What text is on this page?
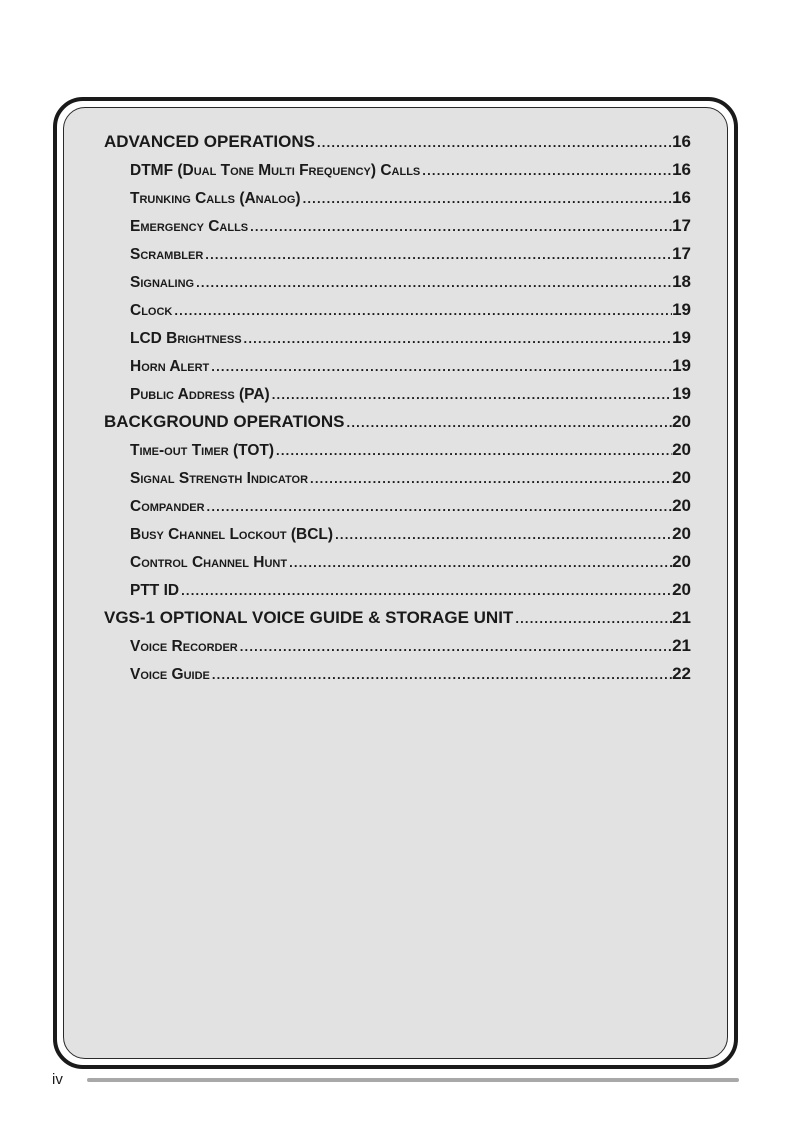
ADVANCED OPERATIONS .....	16
DTMF (Dual Tone Multi Frequency) Calls .....	16
Trunking Calls (Analog) .....	16
Emergency Calls .....	17
Scrambler .....	17
Signaling .....	18
Clock .....	19
LCD Brightness .....	19
Horn Alert .....	19
Public Address (PA) .....	19
BACKGROUND OPERATIONS .....	20
Time-out Timer (TOT) .....	20
Signal Strength Indicator .....	20
Compander .....	20
Busy Channel Lockout (BCL) .....	20
Control Channel Hunt .....	20
PTT ID .....	20
VGS-1 OPTIONAL VOICE GUIDE & STORAGE UNIT .....	21
Voice Recorder .....	21
Voice Guide .....	22
iv
